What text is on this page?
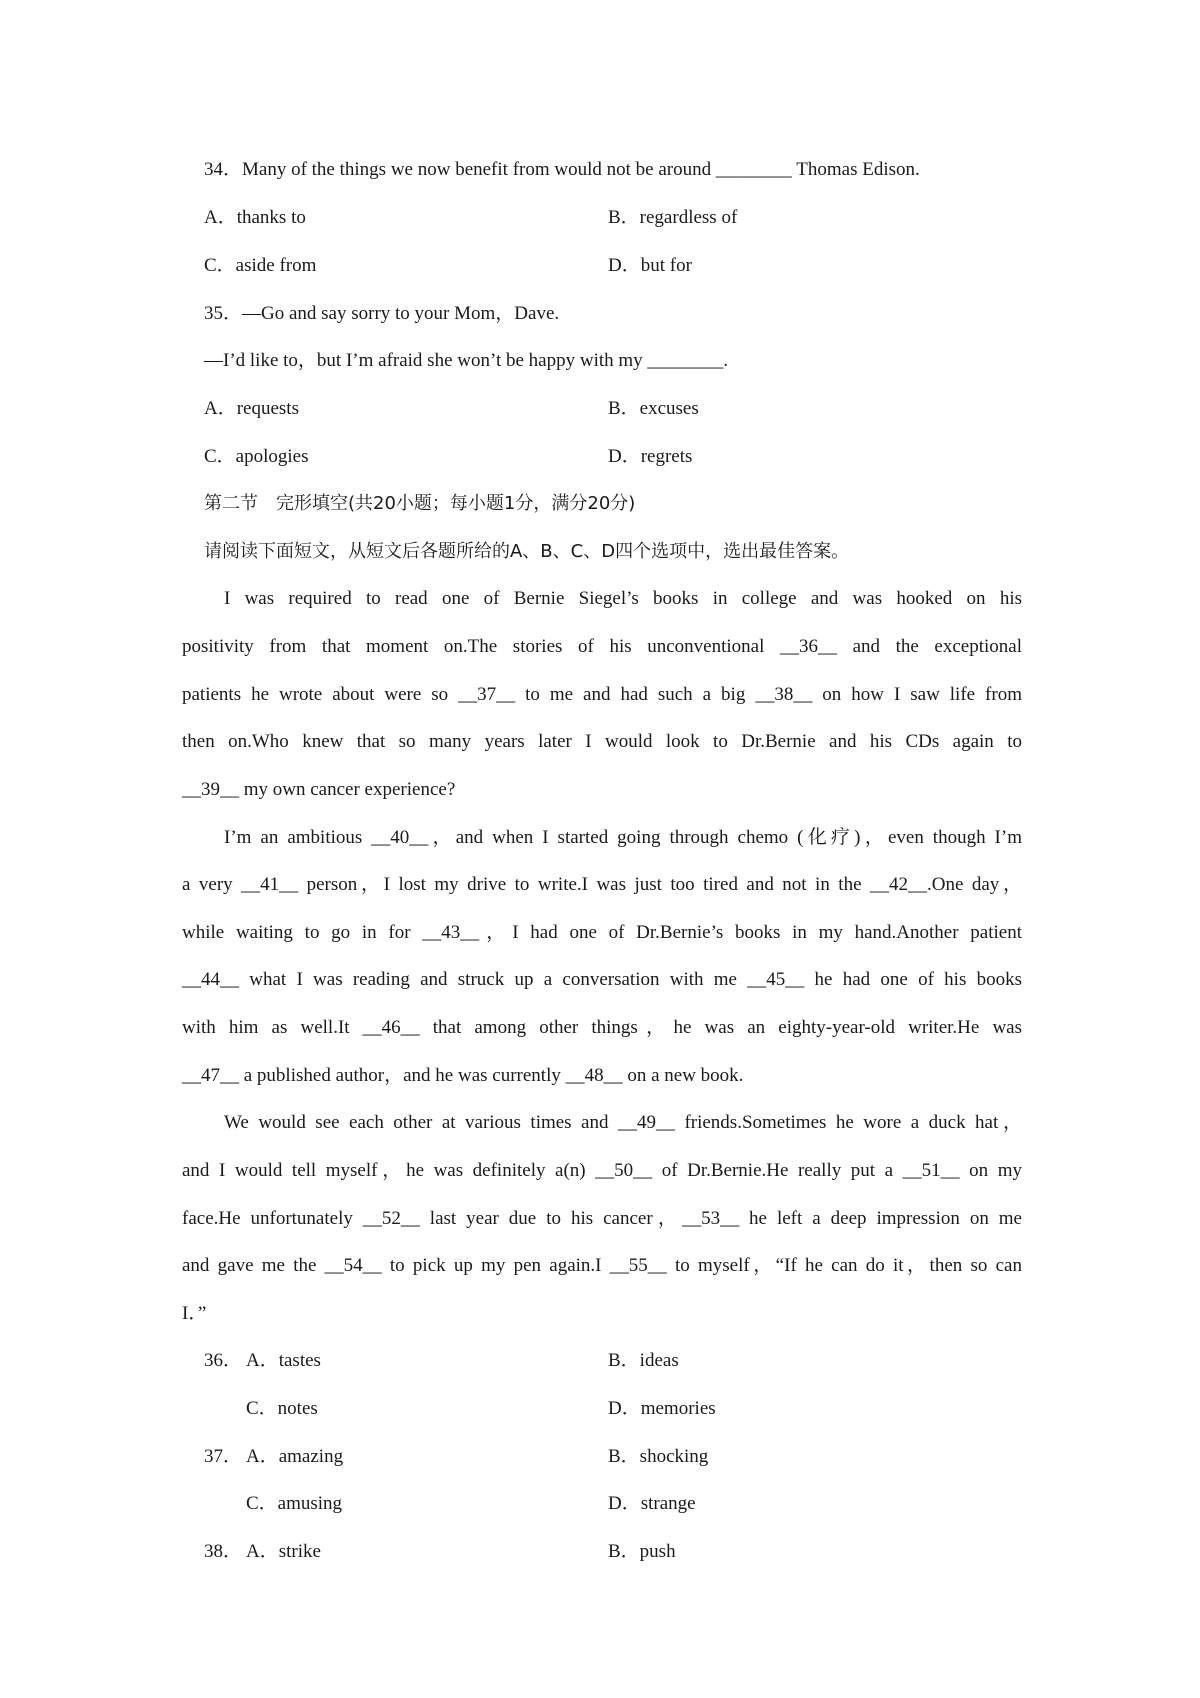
34．Many of the things we now benefit from would not be around ________ Thomas Edison.
A．thanks to	B．regardless of
C．aside from	D．but for
35．—Go and say sorry to your Mom，Dave.
—I’d like to，but I’m afraid she won’t be happy with my ________.
A．requests	B．excuses
C．apologies	D．regrets
第二节　完形填空(共20小题；每小题1分，满分20分)
请阅读下面短文，从短文后各题所给的A、B、C、D四个选项中，选出最佳答案。
I was required to read one of Bernie Siegel’s books in college and was hooked on his
positivity from that moment on.The stories of his unconventional __36__ and the exceptional
patients he wrote about were so __37__ to me and had such a big __38__ on how I saw life from
then on.Who knew that so many years later I would look to Dr.Bernie and his CDs again to
__39__ my own cancer experience?
I’m an ambitious __40__，and when I started going through chemo (化疗)，even though I’m
a very __41__ person，I lost my drive to write.I was just too tired and not in the __42__.One day，
while waiting to go in for __43__，I had one of Dr.Bernie’s books in my hand.Another patient
__44__ what I was reading and struck up a conversation with me __45__ he had one of his books
with him as well.It __46__ that among other things，he was an eighty-year-old writer.He was
__47__ a published author，and he was currently __48__ on a new book.
We would see each other at various times and __49__ friends.Sometimes he wore a duck hat，
and I would tell myself，he was definitely a(n) __50__ of Dr.Bernie.He really put a __51__ on my
face.He unfortunately __52__ last year due to his cancer，__53__ he left a deep impression on me
and gave me the __54__ to pick up my pen again.I __55__ to myself，“If he can do it，then so can
I．”
36． A．tastes	B．ideas
C．notes	D．memories
37． A．amazing	B．shocking
C．amusing	D．strange
38． A．strike	B．push
